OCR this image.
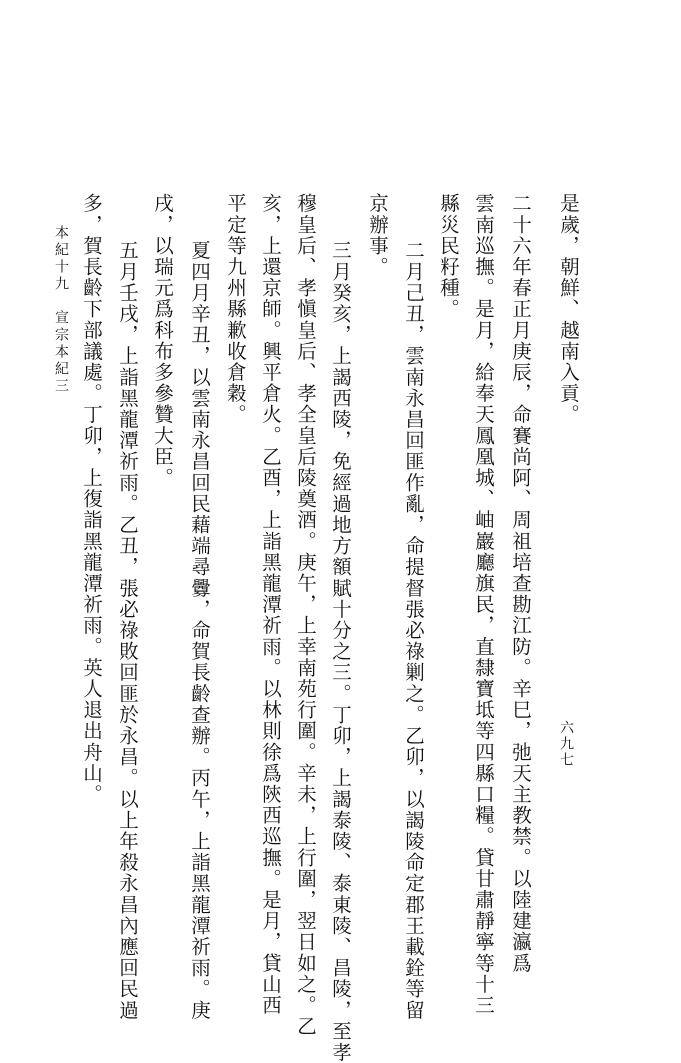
是歲，朝鮮、越南入貢。

二十六年春正月庚辰，命賽尚阿、周祖培查勘江防。辛巳，弛天主教禁。以陸建瀛爲

雲南巡撫。是月，給奉天鳳凰城、岫巖廳旗民，直隸寶坻等四縣口糧。貸甘肅靜寧等十三

縣災民籽種。

二月己丑，雲南永昌回匪作亂，命提督張必祿剿之。乙卯，以謁陵命定郡王載銓等留

京辦事。

三月癸亥，上謁西陵，免經過地方額賦十分之三。丁卯，上謁泰陵、泰東陵、昌陵，至孝

穆皇后、孝愼皇后、孝全皇后陵奠酒。庚午，上幸南苑行圍。辛未，上行圍，翌日如之。乙

亥，上還京師。興平倉火。乙酉，上詣黑龍潭祈雨。以林則徐爲陝西巡撫。是月，貸山西

平定等九州縣歉收倉穀。

夏四月辛丑，以雲南永昌回民藉端尋釁，命賀長齡查辦。丙午，上詣黑龍潭祈雨。庚

戌，以瑞元爲科布多參贊大臣。

五月壬戌，上詣黑龍潭祈雨。乙丑，張必祿敗回匪於永昌。以上年殺永昌內應回民過

多，賀長齡下部議處。丁卯，上復詣黑龍潭祈雨。英人退出舟山。	六九七

本紀十九　宣宗本紀三
